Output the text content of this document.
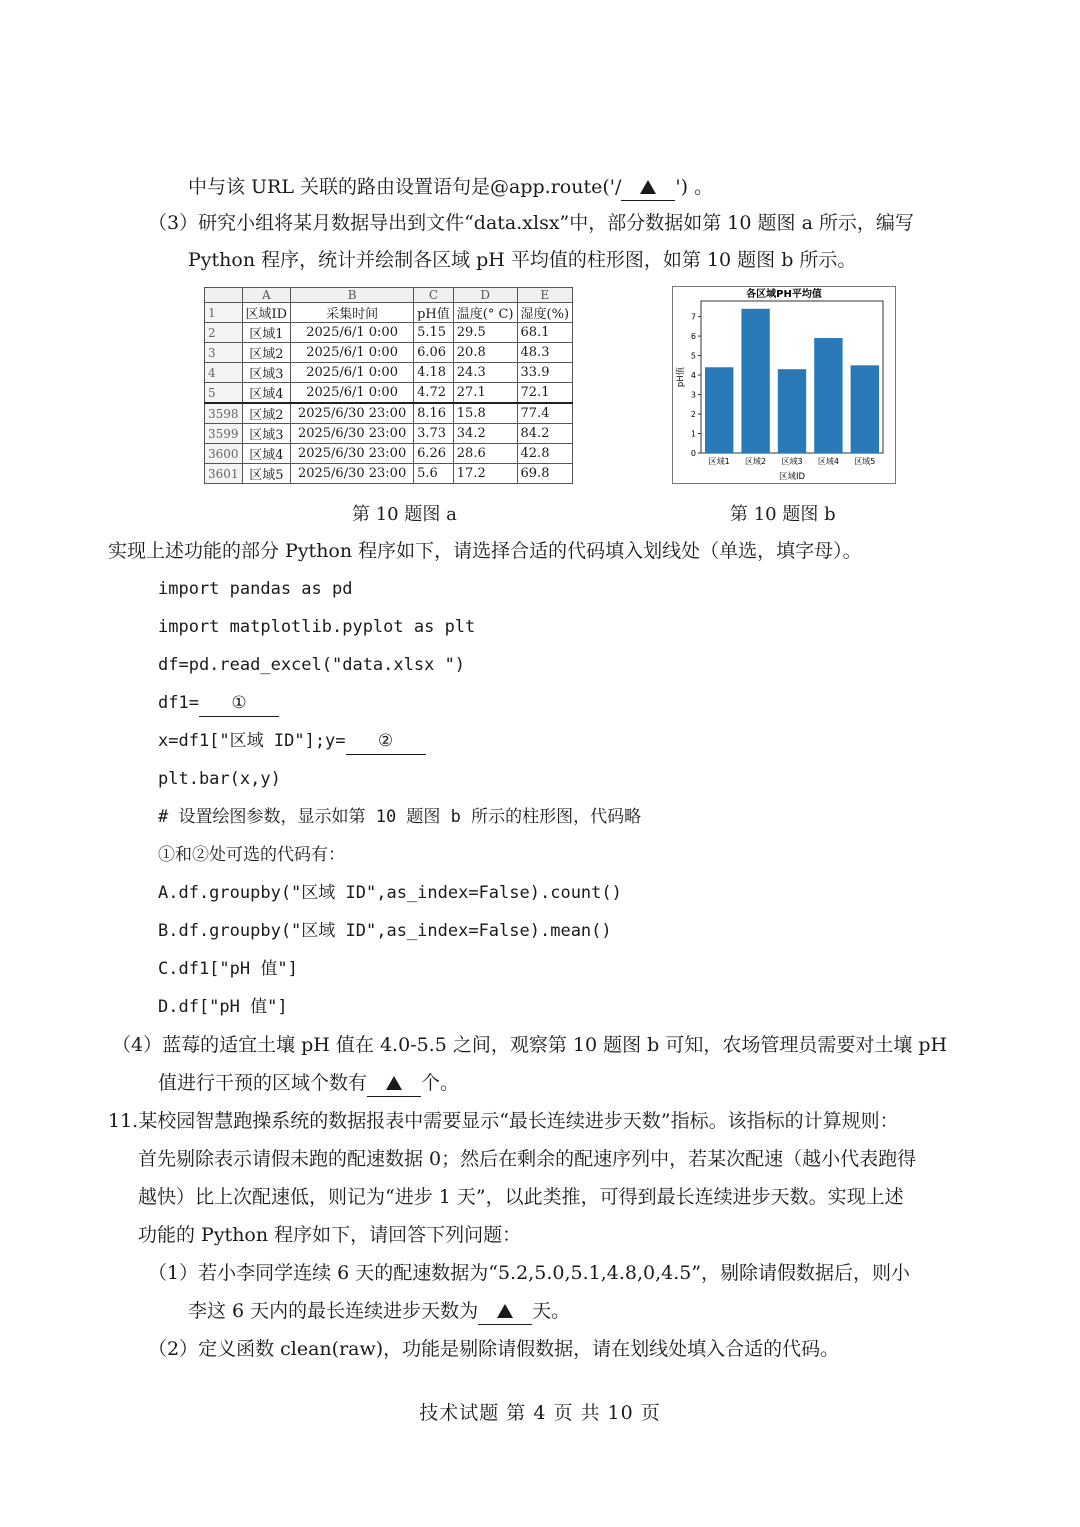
中与该 URL 关联的路由设置语句是@app.route('/	') 。
（3）研究小组将某月数据导出到文件“data.xlsx”中，部分数据如第 10 题图 a 所示，编写
Python 程序，统计并绘制各区域 pH 平均值的柱形图，如第 10 题图 b 所示。
	A	B	C	D	E
1	区域ID	采集时间	pH值	温度(° C)	湿度(%)
2	区域1	2025/6/1 0:00	5.15	29.5	68.1
3	区域2	2025/6/1 0:00	6.06	20.8	48.3
4	区域3	2025/6/1 0:00	4.18	24.3	33.9
5	区域4	2025/6/1 0:00	4.72	27.1	72.1
3598	区域2	2025/6/30 23:00	8.16	15.8	77.4
3599	区域3	2025/6/30 23:00	3.73	34.2	84.2
3600	区域4	2025/6/30 23:00	6.26	28.6	42.8
3601	区域5	2025/6/30 23:00	5.6	17.2	69.8
各区域PH平均值
0
1
2
3
4
5
6
7
区域1 区域2 区域3 区域4 区域5
区域ID
pH值
第 10 题图 a	第 10 题图 b
实现上述功能的部分 Python 程序如下，请选择合适的代码填入划线处（单选，填字母）。
import pandas as pd
import matplotlib.pyplot as plt
df=pd.read_excel("data.xlsx ")
df1= ①
x=df1["区域 ID"];y= ②
plt.bar(x,y)
# 设置绘图参数，显示如第 10 题图 b 所示的柱形图，代码略
①和②处可选的代码有：
A.df.groupby("区域 ID",as_index=False).count()
B.df.groupby("区域 ID",as_index=False).mean()
C.df1["pH 值"]
D.df["pH 值"]
（4）蓝莓的适宜土壤 pH 值在 4.0-5.5 之间，观察第 10 题图 b 可知，农场管理员需要对土壤 pH
值进行干预的区域个数有	个。
11.某校园智慧跑操系统的数据报表中需要显示“最长连续进步天数”指标。该指标的计算规则：
首先剔除表示请假未跑的配速数据 0；然后在剩余的配速序列中，若某次配速（越小代表跑得
越快）比上次配速低，则记为“进步 1 天”，以此类推，可得到最长连续进步天数。实现上述
功能的 Python 程序如下，请回答下列问题：
（1）若小李同学连续 6 天的配速数据为“5.2,5.0,5.1,4.8,0,4.5”，剔除请假数据后，则小
李这 6 天内的最长连续进步天数为	天。
（2）定义函数 clean(raw)，功能是剔除请假数据，请在划线处填入合适的代码。
技术试题 第 4 页 共 10 页
